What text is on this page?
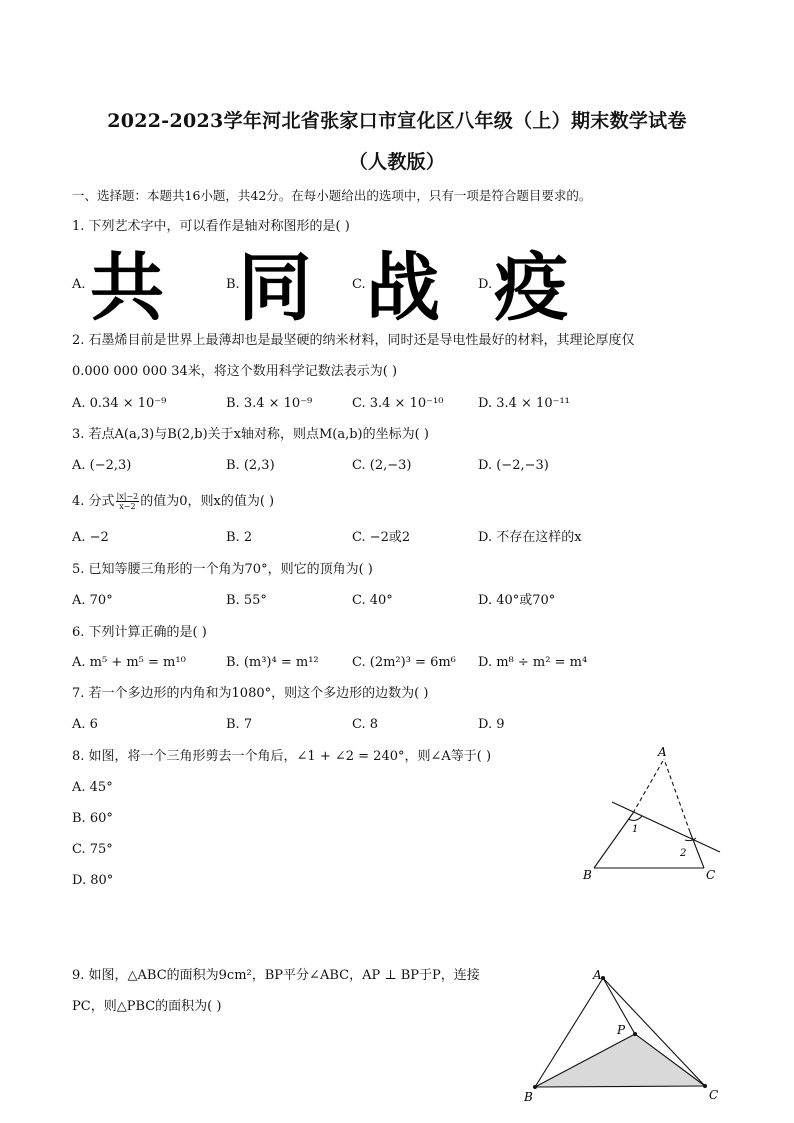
2022-2023学年河北省张家口市宣化区八年级（上）期末数学试卷
（人教版）
一、选择题：本题共16小题，共42分。在每小题给出的选项中，只有一项是符合题目要求的。
1. 下列艺术字中，可以看作是轴对称图形的是( )
A. 共	B.
同	C. 战	D. 疫
2. 石墨烯目前是世界上最薄却也是最坚硬的纳米材料，同时还是导电性最好的材料，其理论厚度仅
0.000 000 000 34米，将这个数用科学记数法表示为( )
A. 0.34 × 10⁻⁹	B. 3.4 × 10⁻⁹	C. 3.4 × 10⁻¹⁰	D. 3.4 × 10⁻¹¹
3. 若点A(a,3)与B(2,b)关于x轴对称，则点M(a,b)的坐标为( )
A. (−2,3)	B. (2,3)	C. (2,−3)	D. (−2,−3)
4. 分式 $\frac{|x|-2}{x-2}$ 的值为0，则x的值为( )
A. −2	B. 2	C. −2或2	D. 不存在这样的x
5. 已知等腰三角形的一个角为70°，则它的顶角为( )
A. 70°	B. 55°	C. 40°	D. 40°或70°
6. 下列计算正确的是( )
A. m⁵ + m⁵ = m¹⁰	B. (m³)⁴ = m¹²	C. (2m²)³ = 6m⁶ D. m⁸ ÷ m² = m⁴
7. 若一个多边形的内角和为1080°，则这个多边形的边数为( )
A. 6	B. 7	C. 8	D. 9
8. 如图，将一个三角形剪去一个角后，∠1 + ∠2 = 240°，则∠A等于( )
A. 45°
B. 60°
C. 75°
D. 80°
A
B	C
1
2
9. 如图，△ABC的面积为9cm²，BP平分∠ABC，AP ⊥ BP于P，连接
PC，则△PBC的面积为( )
A
B	C
P
